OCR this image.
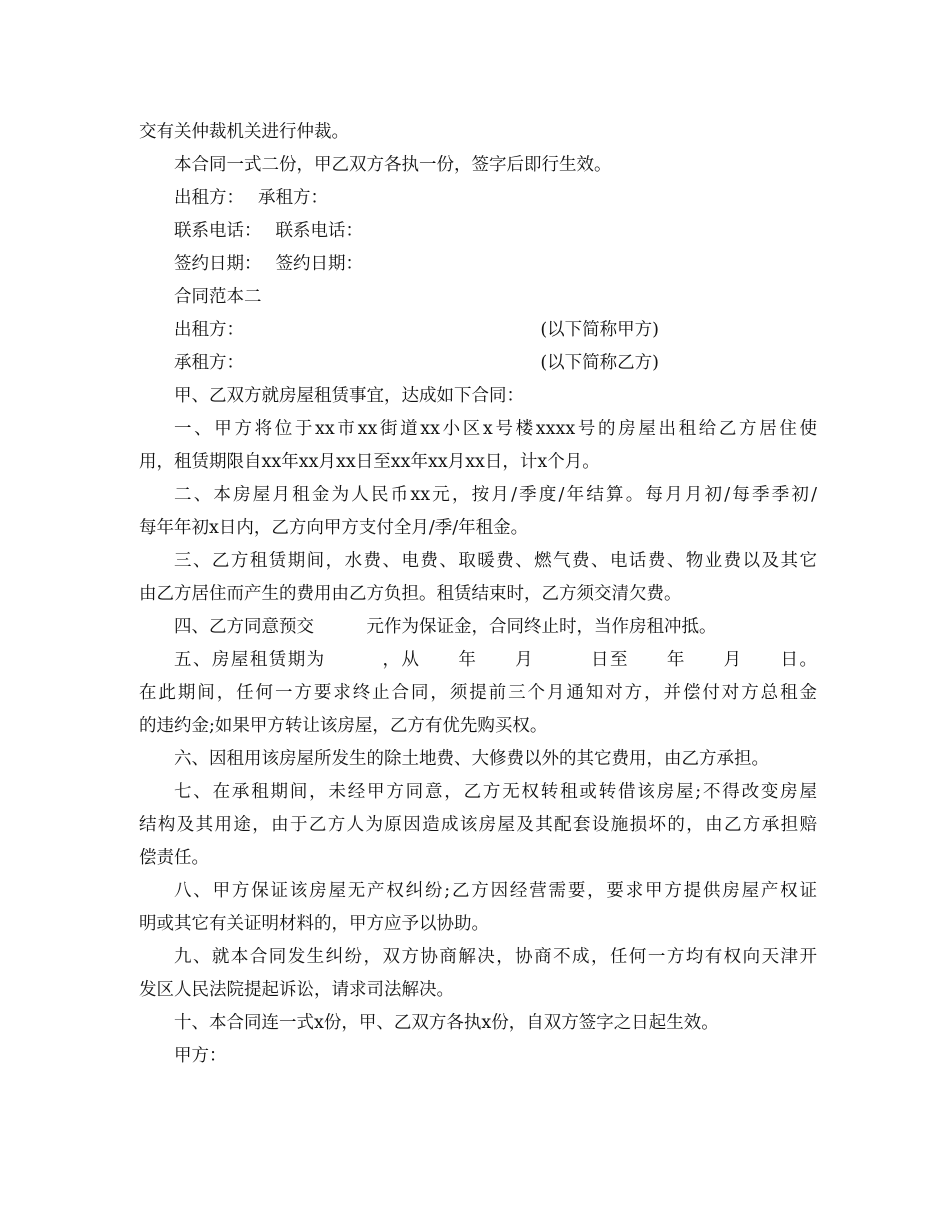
交有关仲裁机关进行仲裁。
本合同一式二份，甲乙双方各执一份，签字后即行生效。
出租方： 承租方：
联系电话： 联系电话：
签约日期： 签约日期：
合同范本二
出租方：	(以下简称甲方)
承租方：	(以下简称乙方)
甲、乙双方就房屋租赁事宜，达成如下合同：
一、甲方将位于xx市xx街道xx小区x号楼xxxx号的房屋出租给乙方居住使
用，租赁期限自xx年xx月xx日至xx年xx月xx日，计x个月。
二、本房屋月租金为人民币xx元，按月/季度/年结算。每月月初/每季季初/
每年年初x日内，乙方向甲方支付全月/季/年租金。
三、乙方租赁期间，水费、电费、取暖费、燃气费、电话费、物业费以及其它
由乙方居住而产生的费用由乙方负担。租赁结束时，乙方须交清欠费。
四、乙方同意预交　　　元作为保证金，合同终止时，当作房租冲抵。
五、房屋租赁期为　　　，从　　年　　月　　　日至　　年　　月　　日。
在此期间，任何一方要求终止合同，须提前三个月通知对方，并偿付对方总租金
的违约金;如果甲方转让该房屋，乙方有优先购买权。
六、因租用该房屋所发生的除土地费、大修费以外的其它费用，由乙方承担。
七、在承租期间，未经甲方同意，乙方无权转租或转借该房屋;不得改变房屋
结构及其用途，由于乙方人为原因造成该房屋及其配套设施损坏的，由乙方承担赔
偿责任。
八、甲方保证该房屋无产权纠纷;乙方因经营需要，要求甲方提供房屋产权证
明或其它有关证明材料的，甲方应予以协助。
九、就本合同发生纠纷，双方协商解决，协商不成，任何一方均有权向天津开
发区人民法院提起诉讼，请求司法解决。
十、本合同连一式x份，甲、乙双方各执x份，自双方签字之日起生效。
甲方：
